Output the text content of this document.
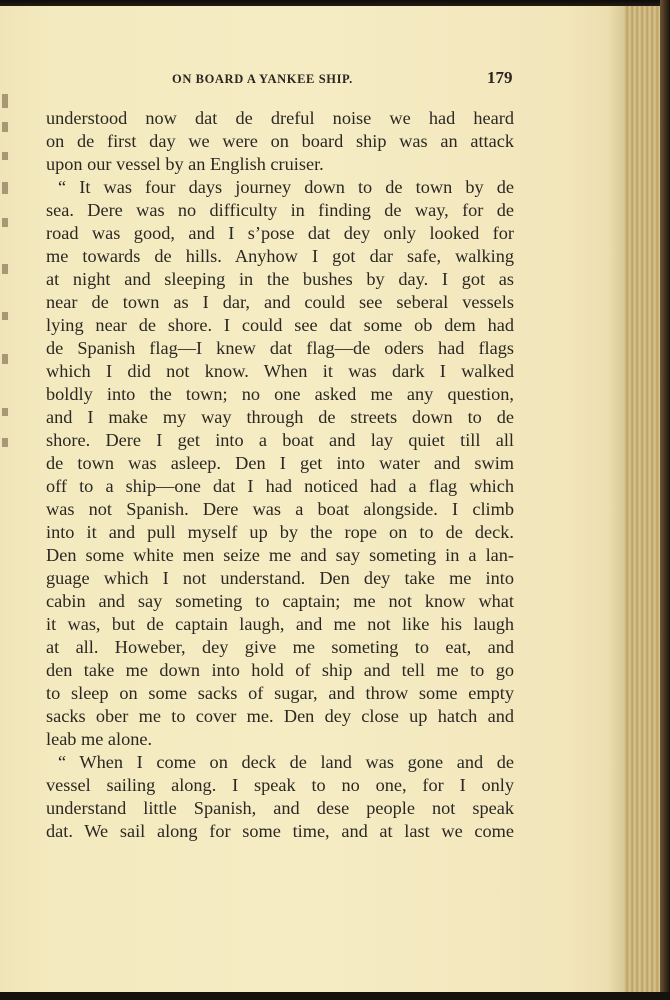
ON BOARD A YANKEE SHIP.	179
understood now dat de dreful noise we had heard
on de first day we were on board ship was an attack
upon our vessel by an English cruiser.
“ It was four days journey down to de town by de
sea. Dere was no difficulty in finding de way, for de
road was good, and I s’pose dat dey only looked for
me towards de hills. Anyhow I got dar safe, walking
at night and sleeping in the bushes by day. I got as
near de town as I dar, and could see seberal vessels
lying near de shore. I could see dat some ob dem had
de Spanish flag—I knew dat flag—de oders had flags
which I did not know. When it was dark I walked
boldly into the town; no one asked me any question,
and I make my way through de streets down to de
shore. Dere I get into a boat and lay quiet till all
de town was asleep. Den I get into water and swim
off to a ship—one dat I had noticed had a flag which
was not Spanish. Dere was a boat alongside. I climb
into it and pull myself up by the rope on to de deck.
Den some white men seize me and say someting in a lan-
guage which I not understand. Den dey take me into
cabin and say someting to captain; me not know what
it was, but de captain laugh, and me not like his laugh
at all. Howeber, dey give me someting to eat, and
den take me down into hold of ship and tell me to go
to sleep on some sacks of sugar, and throw some empty
sacks ober me to cover me. Den dey close up hatch and
leab me alone.
“ When I come on deck de land was gone and de
vessel sailing along. I speak to no one, for I only
understand little Spanish, and dese people not speak
dat. We sail along for some time, and at last we come
